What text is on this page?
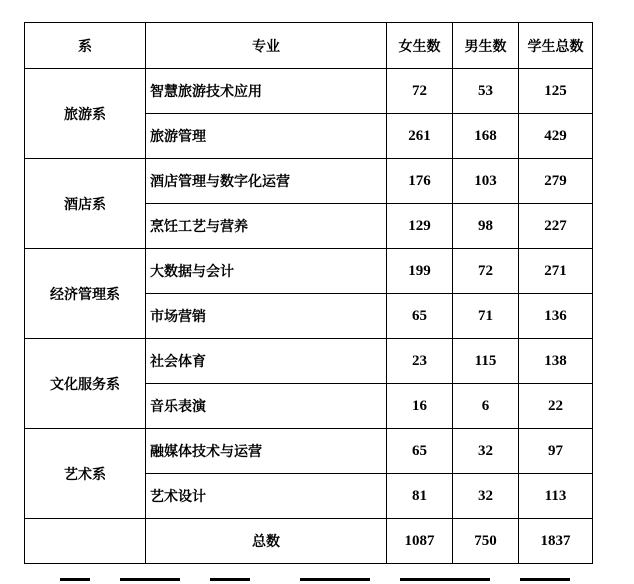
系	专业	女生数	男生数	学生总数
旅游系	智慧旅游技术应用	72	53	125
	旅游管理	261	168	429
酒店系	酒店管理与数字化运营	176	103	279
	烹饪工艺与营养	129	98	227
经济管理系	大数据与会计	199	72	271
	市场营销	65	71	136
文化服务系	社会体育	23	115	138
	音乐表演	16	6	22
艺术系	融媒体技术与运营	65	32	97
	艺术设计	81	32	113
	总数	1087	750	1837
